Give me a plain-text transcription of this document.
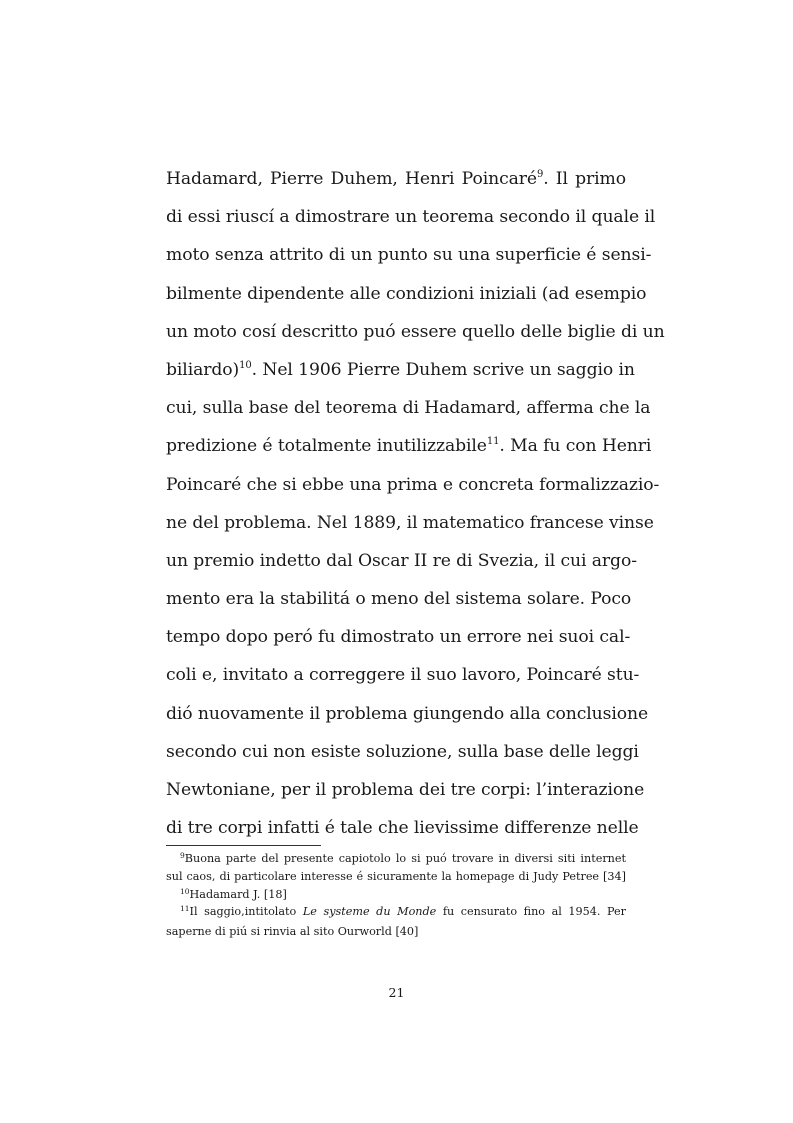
Hadamard, Pierre Duhem, Henri Poincaré$^9$. Il primo
di essi riuscí a dimostrare un teorema secondo il quale il
moto senza attrito di un punto su una superficie é sensi-
bilmente dipendente alle condizioni iniziali (ad esempio
un moto cosí descritto puó essere quello delle biglie di un
biliardo)$^{10}$. Nel 1906 Pierre Duhem scrive un saggio in
cui, sulla base del teorema di Hadamard, afferma che la
predizione é totalmente inutilizzabile$^{11}$. Ma fu con Henri
Poincaré che si ebbe una prima e concreta formalizzazio-
ne del problema. Nel 1889, il matematico francese vinse
un premio indetto dal Oscar II re di Svezia, il cui argo-
mento era la stabilitá o meno del sistema solare. Poco
tempo dopo peró fu dimostrato un errore nei suoi cal-
coli e, invitato a correggere il suo lavoro, Poincaré stu-
dió nuovamente il problema giungendo alla conclusione
secondo cui non esiste soluzione, sulla base delle leggi
Newtoniane, per il problema dei tre corpi: l’interazione
di tre corpi infatti é tale che lievissime differenze nelle
$^9$Buona parte del presente capiotolo lo si puó trovare in diversi siti internet
sul caos, di particolare interesse é sicuramente la homepage di Judy Petree [34]
$^{10}$Hadamard J. [18]
$^{11}$Il saggio,intitolato Le systeme du Monde fu censurato fino al 1954. Per
saperne di piú si rinvia al sito Ourworld [40]
21
